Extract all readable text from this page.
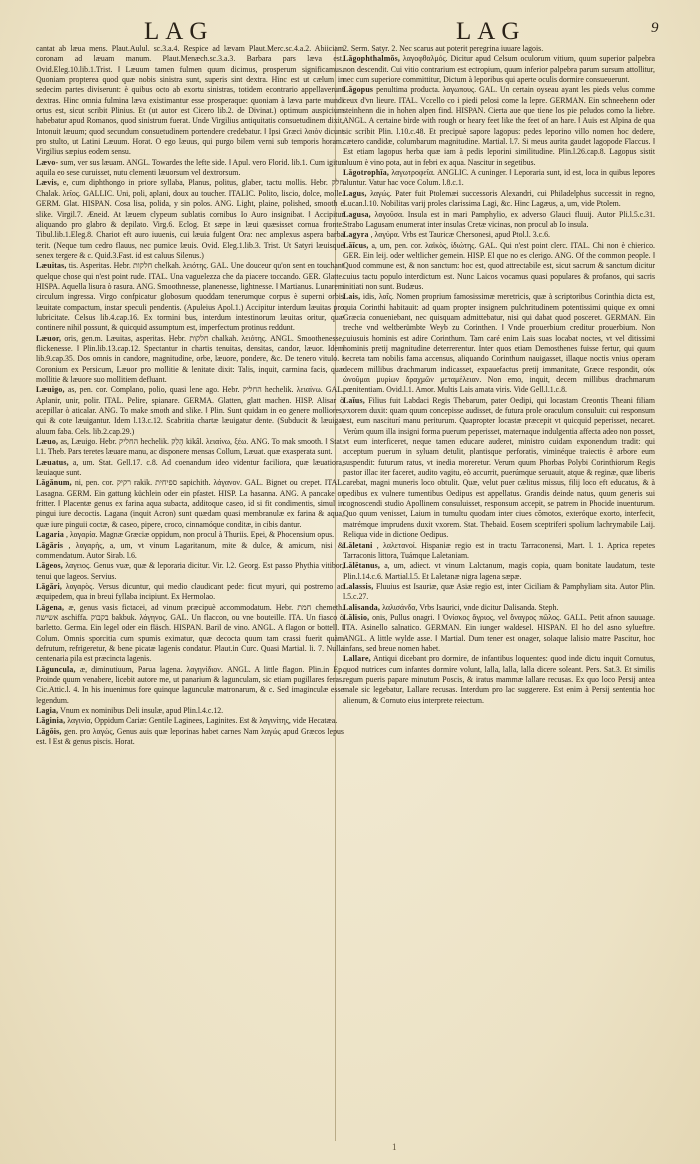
LAG	LAG	9

cantat ab læua mens. Plaut.Aulul. sc.3.a.4. Respice ad lævam Plaut.Merc.sc.4.a.2. Abiiciam coronam ad læuam manum. Plaut.Menæch.sc.3.a.3. Barbara pars læva est. Ovid.Eleg.10.lib.1.Trist. ‖ Læuum tamen fulmen quum dicimus, prosperum significamus. Quoniam propterea quod quæ nobis sinistra sunt, superis sint dextra. Hinc est ut cælum in sedecim partes diviserunt: è quibus octo ab exortu sinistras, totidem econtrario appellaverunt dextras. Hinc omnia fulmina læva existimantur esse prosperaque: quoniam à læva parte mundi ortus est, sicut scribit Plinius. Et (ut autor est Cicero lib.2. de Divinat.) optimum auspicium habebatur apud Romanos, quod sinistrum fuerat. Unde Virgilius antiquitatis consuetudinem dixit, Intonuit læuum; quod secundum consuetudinem portendere credebatur. ‖ Ipsi Græci λαιὸν dicunt pro stulto, ut Latini Læuum. Horat. O ego læuus, qui purgo bilem verni sub temporis horam. Virgilius sæpius eodem sensu.

Lævo- sum, ver sus læuam. ANGL. Towardes the lefte side. ‖ Apul. vero Florid. lib.1. Cum igitur aquila eo sese curuisset, nutu clementi læuorsum vel dextrorsum.

Lævis, e, cum diphthongo in priore syllaba, Planus, politus, glaber, tactu mollis. Hebr. חלק Chalak. λεῖος. GALLIC. Uni, poli, aplani, doux au toucher. ITALIC. Polito, liscio, dolce, molle. GERM. Glat. HISPAN. Cosa lisa, polida, y sin polos. ANG. Light, plaine, polished, smooth e slike. Virgil.7. Æneid. At læuem clypeum sublatis cornibus Io Auro insignibat. ‖ Accipitur aliquando pro glabro & depilato. Virg.6. Eclog. Et sæpe in læui quæsisset cornua fronte. Tibul.lib.1.Eleg.8. Chariot eft auro iuuenis, cui læuia fulgent Ora: nec amplexus aspera barba terit. (Neque tum cedro flauus, nec pumice læuis. Ovid. Eleg.1.lib.3. Trist. Ut Satyri læuisque senex tergere & c. Quid.3.Fast. id est caluus Silenus.)

Læuitas, tis. Asperitas. Hebr. חלקות chelkah. λειότης. GAL. Une douceur qu'on sent en touchant quelque chose qui n'est point rude. ITAL. Una vaguelezza che da piacere toccando. GER. Glatte. HISPA. Aquella lisura ò rasura. ANG. Smoothnesse, planenesse, lightnesse. ‖ Martianus. Lunarem circulum ingressa. Virgo confpicatur globosum quoddam tenerumque corpus è superni orbis læuitate compactum, instar speculi pendentis. (Apuleius Apol.1.) Accipitur interdum læuitas pro lubricitate. Celsus lib.4.cap.16. Ex tormini bus, interdum intestinorum læuitas oritur, quæ continere nihil possunt, & quicquid assumptum est, imperfectum protinus reddunt.

Læuor, oris, gen.m. Læuitas, asperitas. Hebr. חלקות chalkah. λειότης. ANGL. Smoothenesse, flickenesse. ‖ Plin.lib.13.cap.12. Spectantur in chartis tenuitas, densitas, candor, læuor. Idem lib.9.cap.35. Dos omnis in candore, magnitudine, orbe, læuore, pondere, &c. De tenero vitulo. ‖ Coronium ex Persicum, Læuor pro mollitie & lenitate dixit: Talis, inquit, carmina facis, quæ mollitie & læuore suo mollitiem defluant.

Læuigo, as, pen. cor. Complano, polio, quasi lene ago. Hebr. החליק hechelik. λειαίνω. GAL. Aplanir, unir, polir. ITAL. Pelire, spianare. GERMA. Glatten, glatt machen. HISP. Alisar ò acepillar ò aticalar. ANG. To make smoth and slike. ‖ Plin. Sunt quidam in eo genere molliores, qui & cote læuigantur. Idem l.13.c.12. Scabritia chartæ læuigatur dente. (Subducit & læuigat aluum faba. Cels. lib.2.cap.29.)

Læuo, as, Læuigo. Hebr. החליק hechelik. הָלַק kikâl. λειαίνω, ξέω. ANG. To mak smooth. ‖ Stat. l.1. Theb. Pars teretes læuare manu, ac disponere mensas Collum, Læuat. quæ exasperata sunt.

Læuatus, a, um. Stat. Gell.17. c.8. Ad coenandum ideo videntur faciliora, quæ læuatiora, læuiaque sunt.

Lăgănum, ni, pen. cor. רקיק rakik. ספיחית sapichith. λάγανον. GAL. Bignet ou crepet. ITAL. Lasagna. GERM. Ein gattung küchlein oder ein pfastet. HISP. La hasanna. ANG. A pancake or fritter. ‖ Placentæ genus ex farina aqua subacta, additoque caseo, id si fit condimentis, simul in pingui iure decoctis. Lagana (inquit Acron) sunt quædam quasi membranulæ ex farina & aqua, quæ iure pinguii coctæ, & caseo, pipere, croco, cinnamóque conditæ, in cibis dantur.

Lagaria , λαγαρία. Magnæ Græciæ oppidum, non procul à Thuriis. Epei, & Phocensium opus.

Lăgăris , λαγαρὴς, a, um, vt vinum Lagaritanum, mite & dulce, & amicum, nisi & commendatum. Autor Sirab. l.6.

Lăgeos, λαγειος. Genus vuæ, quæ & leporaria dicitur. Vir. l.2. Georg. Est passo Phythia vitibor, tenui que lageos. Servius.

Lăgări, λαγαρὸς. Versus dicuntur, qui medio claudicant pede: ficut myuri, qui postremo ac æquipedem, qua in breui fyllaba incipiunt. Ex Hermolao.

Lăgena, æ, genus vasis fictacei, ad vinum præcipuè accommodatum. Hebr. חמת chemeth. אשישה aschiffa. בקבוק bakbuk. λάγηνος. GAL. Un flaccon, ou vne bouteille. ITA. Un fiasco ò barletto. Germa. Ein legel oder ein fläsch. HISPAN. Baril de vino. ANGL. A flagon or bottell. ‖ Colum. Omnis sporcitia cum spumis eximatur, quæ decocta quum tam crassi fuerit quàm defrutum, refrigeretur, & bene picatæ lagenis condatur. Plaut.in Curc. Quasi Martial. li. 7. Nulla centenaria pila est præcincta lagenis.

Lăguncula, æ, diminutiuum, Parua lagena. λαγηνίδιον. ANGL. A little flagon. Plin.in Ep. Proinde quum venabere, licebit autore me, ut panarium & lagunculam, sic etiam pugillares feras. Cic.Attic.l. 4. In his inuenimus fore quinque lagunculæ matronarum, & c. Sed imaginculæ esse legendum.

Lagia, Vnum ex nominibus Deli insulæ, apud Plin.l.4.c.12.

Lăginia, λαγινία, Oppidum Cariæ: Gentile Laginees, Laginites. Est & λαγινίτης, vide Hecatæa.

Lăgŏis, gen. pro λαγώς, Genus auis quæ leporinas habet carnes Nam λαγώς apud Græcos lepus est. ‖ Est & genus piscis. Horat.

2. Serm. Satyr. 2. Nec scarus aut poterit peregrina iuuare lagois.

Lăgophthalmŏs, λαγοφθαλμός. Dicitur apud Celsum oculorum vitium, quum superior palpebra non descendit. Cui vitio contrarium est ectropium, quum inferior palpebra parum sursum attollitur, nec cum superiore committitur, Dictum à leporibus qui aperte oculis dormire consueuerunt.

Lăgopus penultima producta. λαγωπους. GAL. Un certain oyseau ayant les pieds velus comme ceux d'vn lieure. ITAL. Vccello co i piedi pelosi come la lepre. GERMAN. Ein schneehenn oder steinhenn die in hohen alpen find. HISPAN. Cierta aue que tiene los pie peludos como la liebre. ANGL. A certaine birde with rough or heary feet like the feet of an hare. ‖ Auis est Alpina de qua sic scribit Plin. l.10.c.48. Et precipuè sapore lagopus: pedes leporino villo nomen hoc dedere, cætero candidæ, columbarum magnitudine. Martial. l.7. Si meus aurita gaudet lagopode Flaccus. ‖ Est etiam lagopus herba quæ iam à pedis leporini similitudine. Plin.l.26.cap.8. Lagopus sistit aluum è vino pota, aut in febri ex aqua. Nascitur in segetibus.

Lăgotrophĭa, λαγωτροφεῖα. ANGLIC. A cuninger. ‖ Leporaria sunt, id est, loca in quibus lepores aluntur. Vatur hac voce Colum. l.8.c.1.

Lagus, λαγώς. Pater fuit Ptolemæi successoris Alexandri, cui Philadelphus successit in regno, Lucan.l.10. Nobilitas varij proles clarissima Lagi, &c. Hinc Lagæus, a, um, vide Ptolem.

Lagusa, λαγοῦσα. Insula est in mari Pamphylio, ex adverso Glauci fluuij. Autor Pli.l.5.c.31. Strabo Lagusam enumerat inter insulas Cretæ vicinas, non procul ab Io insula.

Lagyra , λαγύρα. Vrbs est Tauricæ Chersonesi, apud Ptol.l. 3.c.6.

Lăĭcus, a, um, pen. cor. λαϊκὸς, ἰδιώτης. GAL. Qui n'est point clerc. ITAL. Chi non è chierico. GER. Ein leij. oder weltlicher gemein. HISP. El que no es clerigo. ANG. Of the common people. ‖ Quod commune est, & non sanctum: hoc est, quod attrectabile est, sicut sacrum & sanctum dicitur cuius tactu populo interdictum est. Nunc Laicos vocamus quasi populares & profanos, qui sacris initiati non sunt. Budæus.

Lais, idis, λαΐς. Nomen proprium famosissimæ meretricis, quæ à scriptoribus Corinthia dicta est, quia Corinthi habitauit: ad quam propter insignem pulchritudinem potentissimi quique ex omni Græcia conueniebant, nec quisquam admittebatur, nisi qui dabat quod posceret. GERMAN. Ein treche vnd weltberümbte Weyb zu Corinthen. ‖ Vnde prouerbium creditur prouerbium. Non cuiusuis hominis est adire Corinthum. Tam caré enim Lais suas locabat noctes, vt vel ditissimi hominis pretij magnitudine deterrerentur. Inter quos etiam Demosthenes fuisse fertur, qui quum secreta tam nobilis fama accensus, aliquando Corinthum nauigasset, illaque noctis vnius operam decem millibus drachmarum indicasset, expauefactus pretij immanitate, Græce respondit, οὐκ ὠνοῦμαι μυρίων δραχμῶν μεταμέλειαν. Non emo, inquit, decem millibus drachmarum pœnitentiam. Ovid.l.1. Amor. Multis Lais amata viris. Vide Gell.l.1.c.8.

Laĭus, Filius fuit Labdaci Regis Thebarum, pater Oedipi, qui locastam Creontis Theani filiam vxorem duxit: quam quum concepisse audisset, de futura prole oraculum consuluit: cui responsum est, eum nasciturí manu periturum. Quapropter locastæ præcepit vt quicquid peperisset, necaret. Verùm quum illa insigni forma puerum peperisset, maternaque indulgentia affecta adeo non posset, vt eum interficeret, neque tamen educare auderet, ministro cuidam exponendum tradit: qui acceptum puerum in syluam detulit, plantisque perforatis, viminéque traiectis è arbore eum suspendit: futurum ratus, vt inedia moreretur. Verum quum Phorbas Polybi Corinthiorum Regis pastor illac iter faceret, audito vagitu, eò accurrit, puerúmque seruauit, atque & reginæ, quæ liberis carebat, magni muneris loco obtulit. Quæ, velut puer cælitus missus, filij loco eft educatus, & à pedibus ex vulnere tumentibus Oedipus est appellatus. Grandis deinde natus, quum generis sui cognoscendi studio Apollinem consuluisset, responsum accepit, se patrem in Phocide inuenturum. Quo quum venisset, Laium in tumultu quodam inter ciues cõmotos, exteróque exorto, interfecit, matrémque imprudens duxit vxorem. Stat. Thebaid. Eosem sceptriferi spolium lachrymabile Laij. Reliqua vide in dictione Oedipus.

Lăletani , λαλετανοί. Hispaniæ regio est in tractu Tarraconensi, Mart. l. 1. Aprica repetes Tarraconis littora, Tuámque Laletaniam.

Lălĕtanus, a, um, adiect. vt vinum Lalctanum, magis copia, quam bonitate laudatum, teste Plin.l.14.c.6. Martial.l.5. Et Laletanæ nigra lagena sæpæ.

Lalassis, Fluuius est Isauriæ, quæ Asiæ regio est, inter Ciciliam & Pamphyliam sita. Autor Plin. l.5.c.27.

Lalisanda, λαλισάνδα, Vrbs Isaurici, vnde dicitur Dalisanda. Steph.

Lălisio, onis, Pullus onagri. ‖ Ὀνίσκος ἄγριος, vel ὄναγρος πῶλος. GALL. Petit afnon sauuage. ITA. Asinello salnatico. GERMAN. Ein iunger waldesel. HISPAN. El ho del asno sylueftre. ANGL. A little wylde asse. ‖ Martial. Dum tener est onager, solaque lalisio matre Pascitur, hoc infans, sed breue nomen habet.

Lallare, Antiqui dicebant pro dormire, de infantibus loquentes: quod inde dictu inquit Cornutus, quod nutrices cum infantes dormire volunt, lalla, lalla, lalla dicere soleant. Pers. Sat.3. Et similis regum pueris papare minutum Poscis, & iratus mammæ lallare recusas. Ex quo loco Persij antea male sic legebatur, Lallare recusas. Interdum pro lac suggerere. Est enim à Persij sententia hoc alienum, & Cornuto eius interprete reiectum.

1
